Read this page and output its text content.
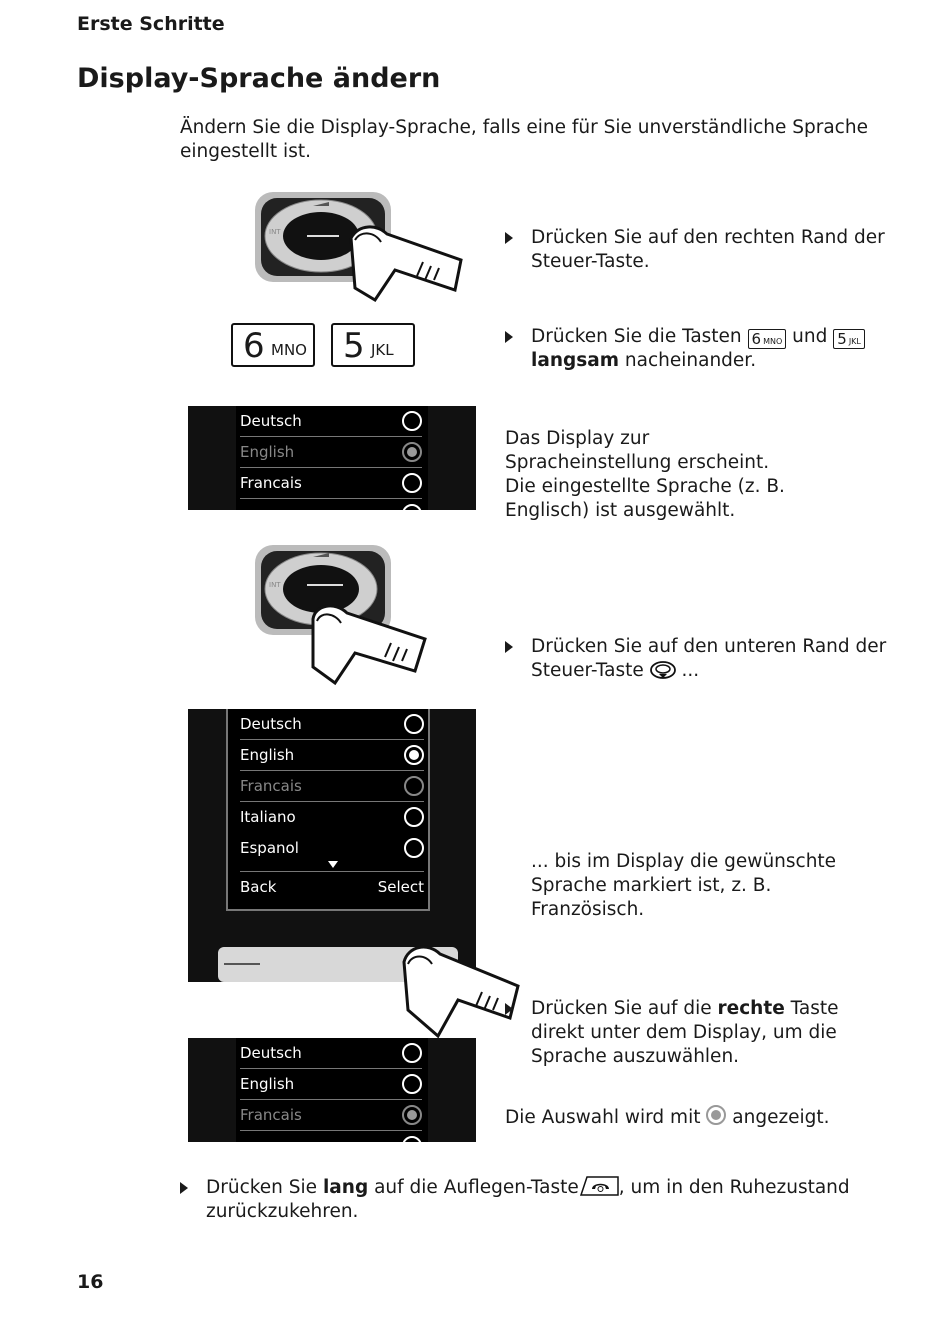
Erste Schritte
Display-Sprache ändern
Ändern Sie die Display-Sprache, falls eine für Sie unverständliche Sprache eingestellt ist.
INT	Drücken Sie auf den rechten Rand der Steuer-Taste.
6 MNO 5 JKL
Drücken Sie die Tasten 6 MNO und 5 JKL
langsam nacheinander.
Deutsch
English
Francais
Das Display zur Spracheinstellung erscheint. Die eingestellte Sprache (z. B. Englisch) ist ausgewählt.
INT
Drücken Sie auf den unteren Rand der Steuer-Taste ...
Deutsch
English
Francais
Italiano
Espanol
Back	Select
... bis im Display die gewünschte Sprache markiert ist, z. B. Französisch.
Drücken Sie auf die rechte Taste direkt unter dem Display, um die Sprache auszuwählen.
Deutsch
English
Francais	Die Auswahl wird mit angezeigt.
Drücken Sie lang auf die Auflegen-Taste , um in den Ruhezustand zurückzukehren.
16
